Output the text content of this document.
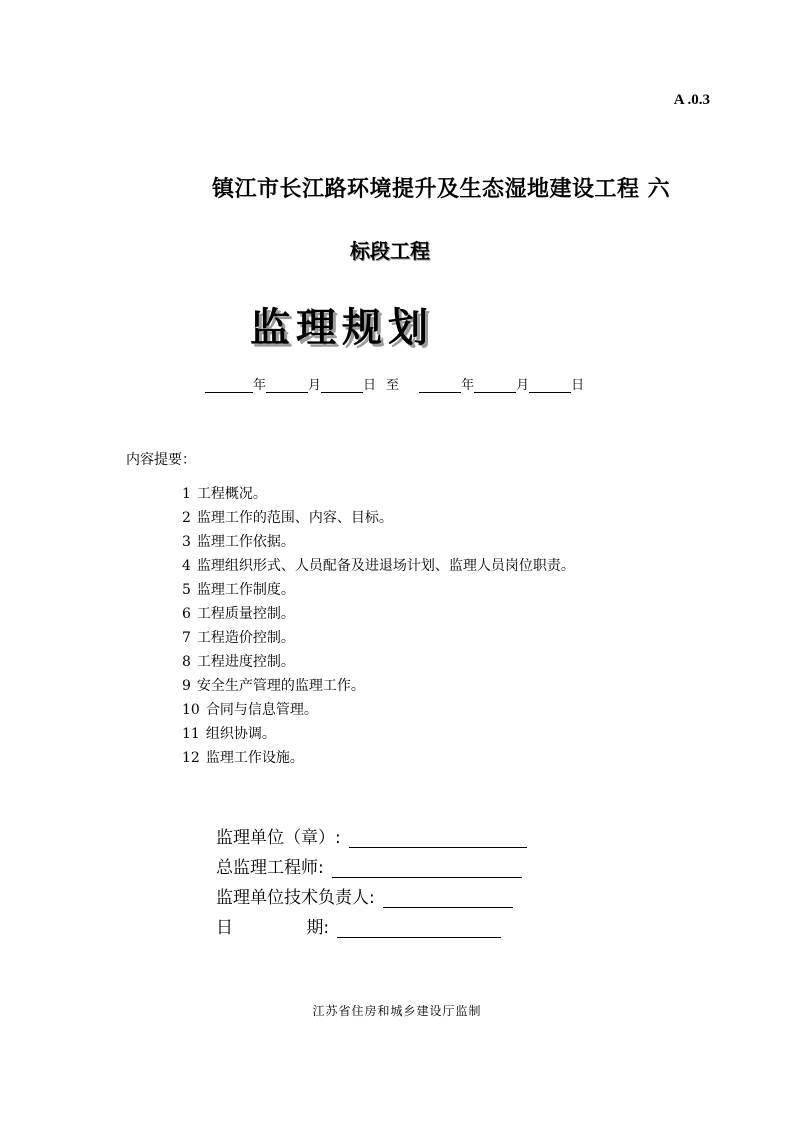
A .0.3
镇江市长江路环境提升及生态湿地建设工程 六
标段工程
监理规划
年	月	日 至	年	月	日
内容提要：
1 工程概况。
2 监理工作的范围、内容、目标。
3 监理工作依据。
4 监理组织形式、人员配备及进退场计划、监理人员岗位职责。
5 监理工作制度。
6 工程质量控制。
7 工程造价控制。
8 工程进度控制。
9 安全生产管理的监理工作。
10 合同与信息管理。
11 组织协调。
12 监理工作设施。
监理单位（章）:
总监理工程师:
监理单位技术负责人:
日　　　　 期:
江苏省住房和城乡建设厅监制
